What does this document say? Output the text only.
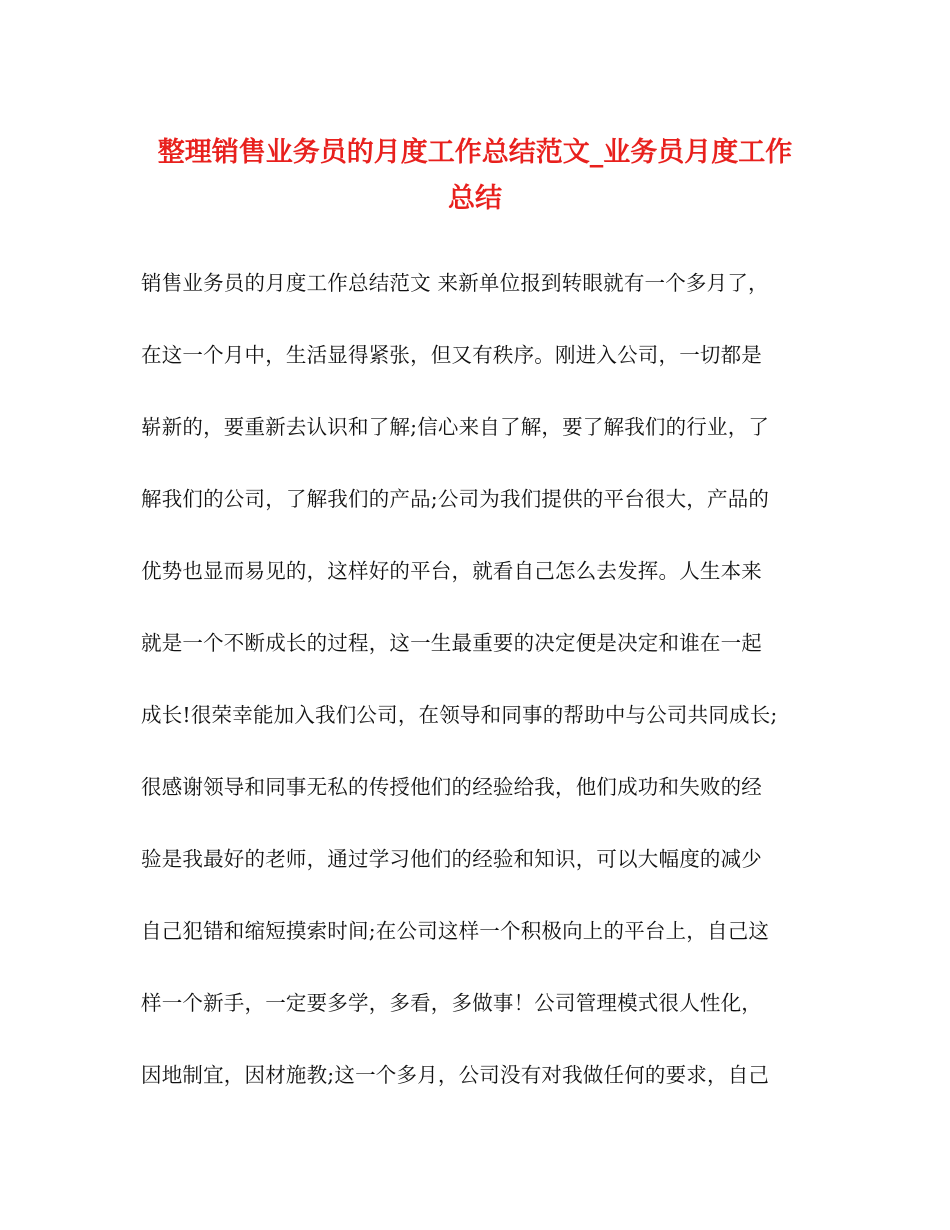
整理销售业务员的月度工作总结范文_业务员月度工作
总结
销售业务员的月度工作总结范文 来新单位报到转眼就有一个多月了，
在这一个月中，生活显得紧张，但又有秩序。刚进入公司，一切都是
崭新的，要重新去认识和了解;信心来自了解，要了解我们的行业，了
解我们的公司，了解我们的产品;公司为我们提供的平台很大，产品的
优势也显而易见的，这样好的平台，就看自己怎么去发挥。人生本来
就是一个不断成长的过程，这一生最重要的决定便是决定和谁在一起
成长!很荣幸能加入我们公司，在领导和同事的帮助中与公司共同成长;
很感谢领导和同事无私的传授他们的经验给我，他们成功和失败的经
验是我最好的老师，通过学习他们的经验和知识，可以大幅度的减少
自己犯错和缩短摸索时间;在公司这样一个积极向上的平台上，自己这
样一个新手，一定要多学，多看，多做事！公司管理模式很人性化，
因地制宜，因材施教;这一个多月，公司没有对我做任何的要求，自己
